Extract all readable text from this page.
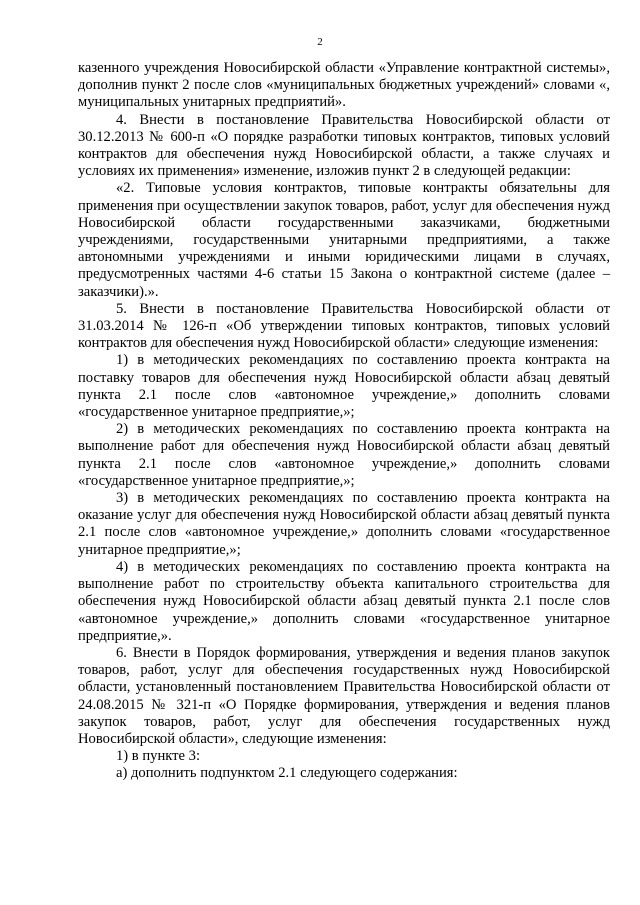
2

казенного учреждения Новосибирской области «Управление контрактной системы», дополнив пункт 2 после слов «муниципальных бюджетных учреждений» словами «, муниципальных унитарных предприятий».

4. Внести в постановление Правительства Новосибирской области от 30.12.2013 № 600-п «О порядке разработки типовых контрактов, типовых условий контрактов для обеспечения нужд Новосибирской области, а также случаях и условиях их применения» изменение, изложив пункт 2 в следующей редакции:

«2. Типовые условия контрактов, типовые контракты обязательны для применения при осуществлении закупок товаров, работ, услуг для обеспечения нужд Новосибирской области государственными заказчиками, бюджетными учреждениями, государственными унитарными предприятиями, а также автономными учреждениями и иными юридическими лицами в случаях, предусмотренных частями 4-6 статьи 15 Закона о контрактной системе (далее – заказчики).».

5. Внести в постановление Правительства Новосибирской области от 31.03.2014 № 126-п «Об утверждении типовых контрактов, типовых условий контрактов для обеспечения нужд Новосибирской области» следующие изменения:

1) в методических рекомендациях по составлению проекта контракта на поставку товаров для обеспечения нужд Новосибирской области абзац девятый пункта 2.1 после слов «автономное учреждение,» дополнить словами «государственное унитарное предприятие,»;

2) в методических рекомендациях по составлению проекта контракта на выполнение работ для обеспечения нужд Новосибирской области абзац девятый пункта 2.1 после слов «автономное учреждение,» дополнить словами «государственное унитарное предприятие,»;

3) в методических рекомендациях по составлению проекта контракта на оказание услуг для обеспечения нужд Новосибирской области абзац девятый пункта 2.1 после слов «автономное учреждение,» дополнить словами «государственное унитарное предприятие,»;

4) в методических рекомендациях по составлению проекта контракта на выполнение работ по строительству объекта капитального строительства для обеспечения нужд Новосибирской области абзац девятый пункта 2.1 после слов «автономное учреждение,» дополнить словами «государственное унитарное предприятие,».

6. Внести в Порядок формирования, утверждения и ведения планов закупок товаров, работ, услуг для обеспечения государственных нужд Новосибирской области, установленный постановлением Правительства Новосибирской области от 24.08.2015 № 321-п «О Порядке формирования, утверждения и ведения планов закупок товаров, работ, услуг для обеспечения государственных нужд Новосибирской области», следующие изменения:

1) в пункте 3:

а) дополнить подпунктом 2.1 следующего содержания:
